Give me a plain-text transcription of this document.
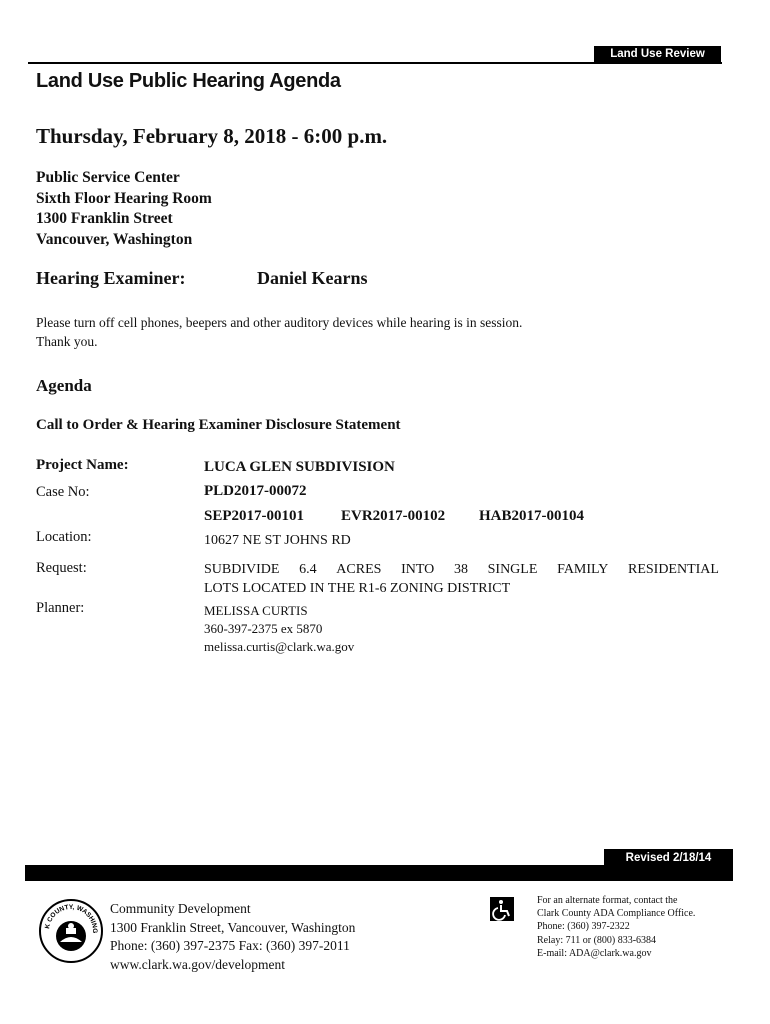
Land Use Review
Land Use Public Hearing Agenda
Thursday, February 8, 2018 - 6:00 p.m.
Public Service Center
Sixth Floor Hearing Room
1300 Franklin Street
Vancouver, Washington
Hearing Examiner:	Daniel Kearns
Please turn off cell phones, beepers and other auditory devices while hearing is in session.
Thank you.
Agenda
Call to Order & Hearing Examiner Disclosure Statement
Project Name:	LUCA GLEN SUBDIVISION
Case No:	PLD2017-00072
SEP2017-00101 EVR2017-00102 HAB2017-00104
Location:	10627 NE ST JOHNS RD
Request:	SUBDIVIDE 6.4 ACRES INTO 38 SINGLE FAMILY RESIDENTIAL
LOTS LOCATED IN THE R1-6 ZONING DISTRICT
Planner:	MELISSA CURTIS
360-397-2375 ex 5870
melissa.curtis@clark.wa.gov
Revised 2/18/14
K COUNTY, WASHING
Community Development
1300 Franklin Street, Vancouver, Washington
Phone: (360) 397-2375 Fax: (360) 397-2011
www.clark.wa.gov/development
For an alternate format, contact the
Clark County ADA Compliance Office.
Phone: (360) 397-2322
Relay: 711 or (800) 833-6384
E-mail: ADA@clark.wa.gov
